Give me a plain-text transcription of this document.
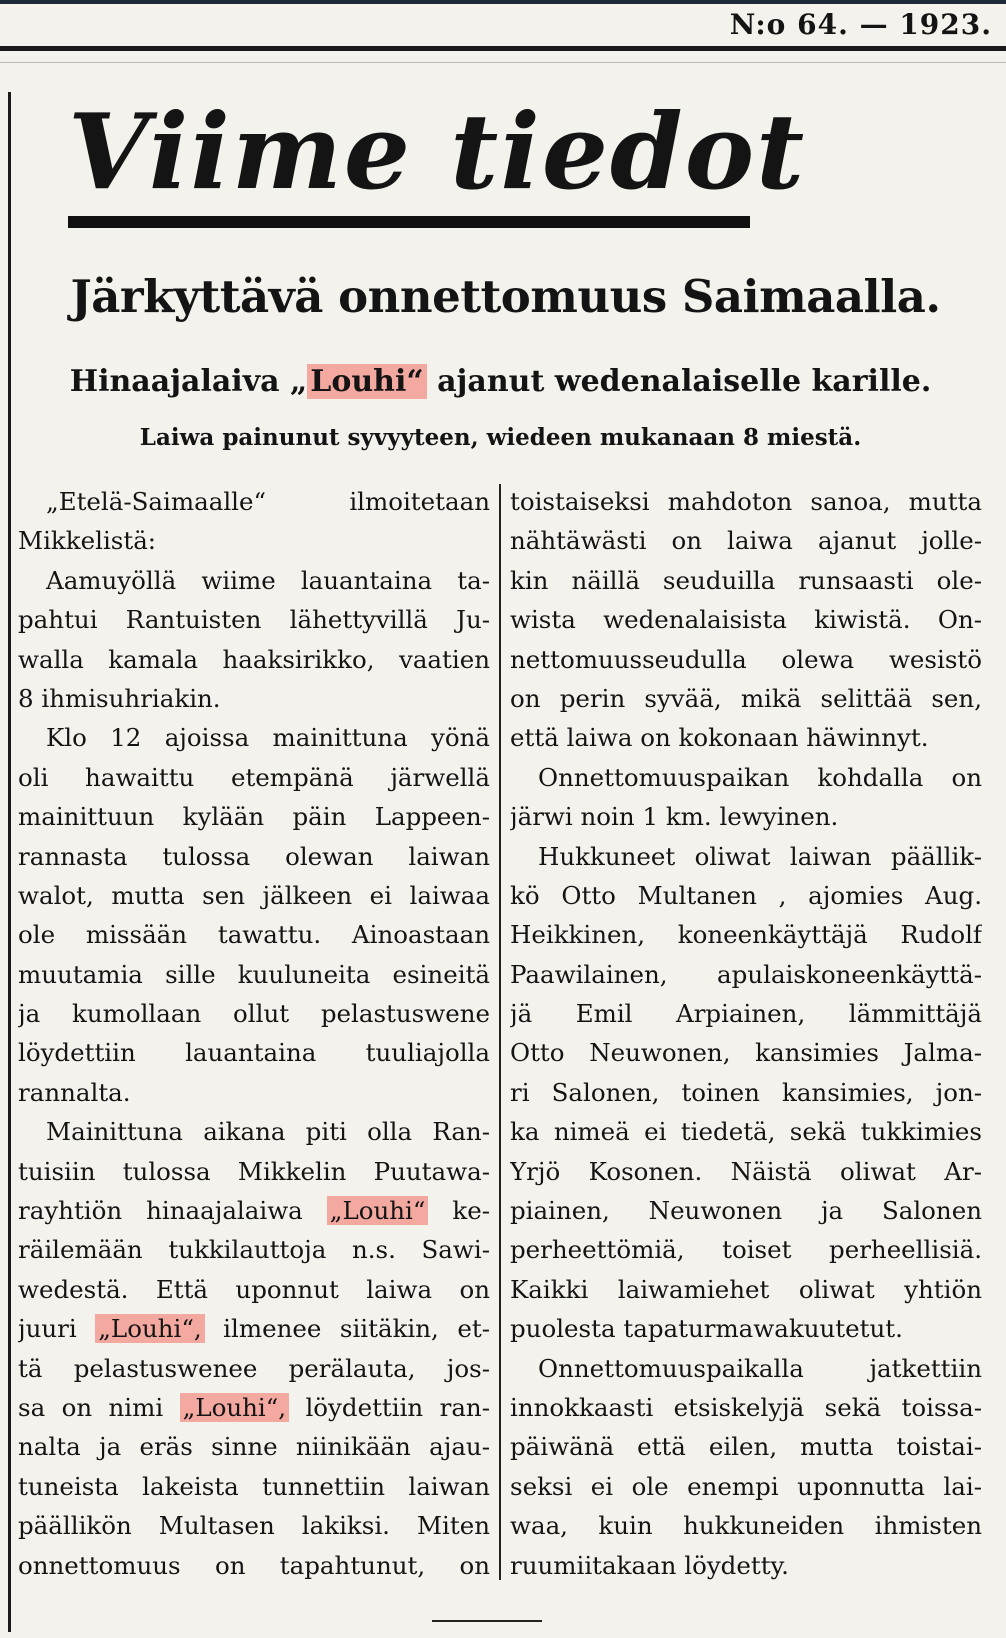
N:o 64. — 1923.
Viime tiedot
Järkyttävä onnettomuus Saimaalla.
Hinaajalaiva „ Louhi“ ajanut wedenalaiselle karille.
Laiwa painunut syvyyteen, wiedeen mukanaan 8 miestä.
„Etelä-Saimaalle“ ilmoitetaan
Mikkelistä:
Aamuyöllä wiime lauantaina ta-
pahtui Rantuisten lähettyvillä Ju-
walla kamala haaksirikko, vaatien
8 ihmisuhriakin.
Klo 12 ajoissa mainittuna yönä
oli hawaittu etempänä järwellä
mainittuun kylään päin Lappeen-
rannasta tulossa olewan laiwan
walot, mutta sen jälkeen ei laiwaa
ole missään tawattu. Ainoastaan
muutamia sille kuuluneita esineitä
ja kumollaan ollut pelastuswene
löydettiin lauantaina tuuliajolla
rannalta.
Mainittuna aikana piti olla Ran-
tuisiin tulossa Mikkelin Puutawa-
rayhtiön hinaajalaiwa „Louhi“ ke-
räilemään tukkilauttoja n.s. Sawi-
wedestä. Että uponnut laiwa on
juuri „Louhi“, ilmenee siitäkin, et-
tä pelastuswenee perälauta, jos-
sa on nimi „Louhi“, löydettiin ran-
nalta ja eräs sinne niinikään ajau-
tuneista lakeista tunnettiin laiwan
päällikön Multasen lakiksi. Miten
onnettomuus on tapahtunut, on
toistaiseksi mahdoton sanoa, mutta
nähtäwästi on laiwa ajanut jolle-
kin näillä seuduilla runsaasti ole-
wista wedenalaisista kiwistä. On-
nettomuusseudulla olewa wesistö
on perin syvää, mikä selittää sen,
että laiwa on kokonaan häwinnyt.
Onnettomuuspaikan kohdalla on
järwi noin 1 km. lewyinen.
Hukkuneet oliwat laiwan päällik-
kö Otto Multanen , ajomies Aug.
Heikkinen, koneenkäyttäjä Rudolf
Paawilainen, apulaiskoneenkäyttä-
jä Emil Arpiainen, lämmittäjä
Otto Neuwonen, kansimies Jalma-
ri Salonen, toinen kansimies, jon-
ka nimeä ei tiedetä, sekä tukkimies
Yrjö Kosonen. Näistä oliwat Ar-
piainen, Neuwonen ja Salonen
perheettömiä, toiset perheellisiä.
Kaikki laiwamiehet oliwat yhtiön
puolesta tapaturmawakuutetut.
Onnettomuuspaikalla jatkettiin
innokkaasti etsiskelyjä sekä toissa-
päiwänä että eilen, mutta toistai-
seksi ei ole enempi uponnutta lai-
waa, kuin hukkuneiden ihmisten
ruumiitakaan löydetty.
